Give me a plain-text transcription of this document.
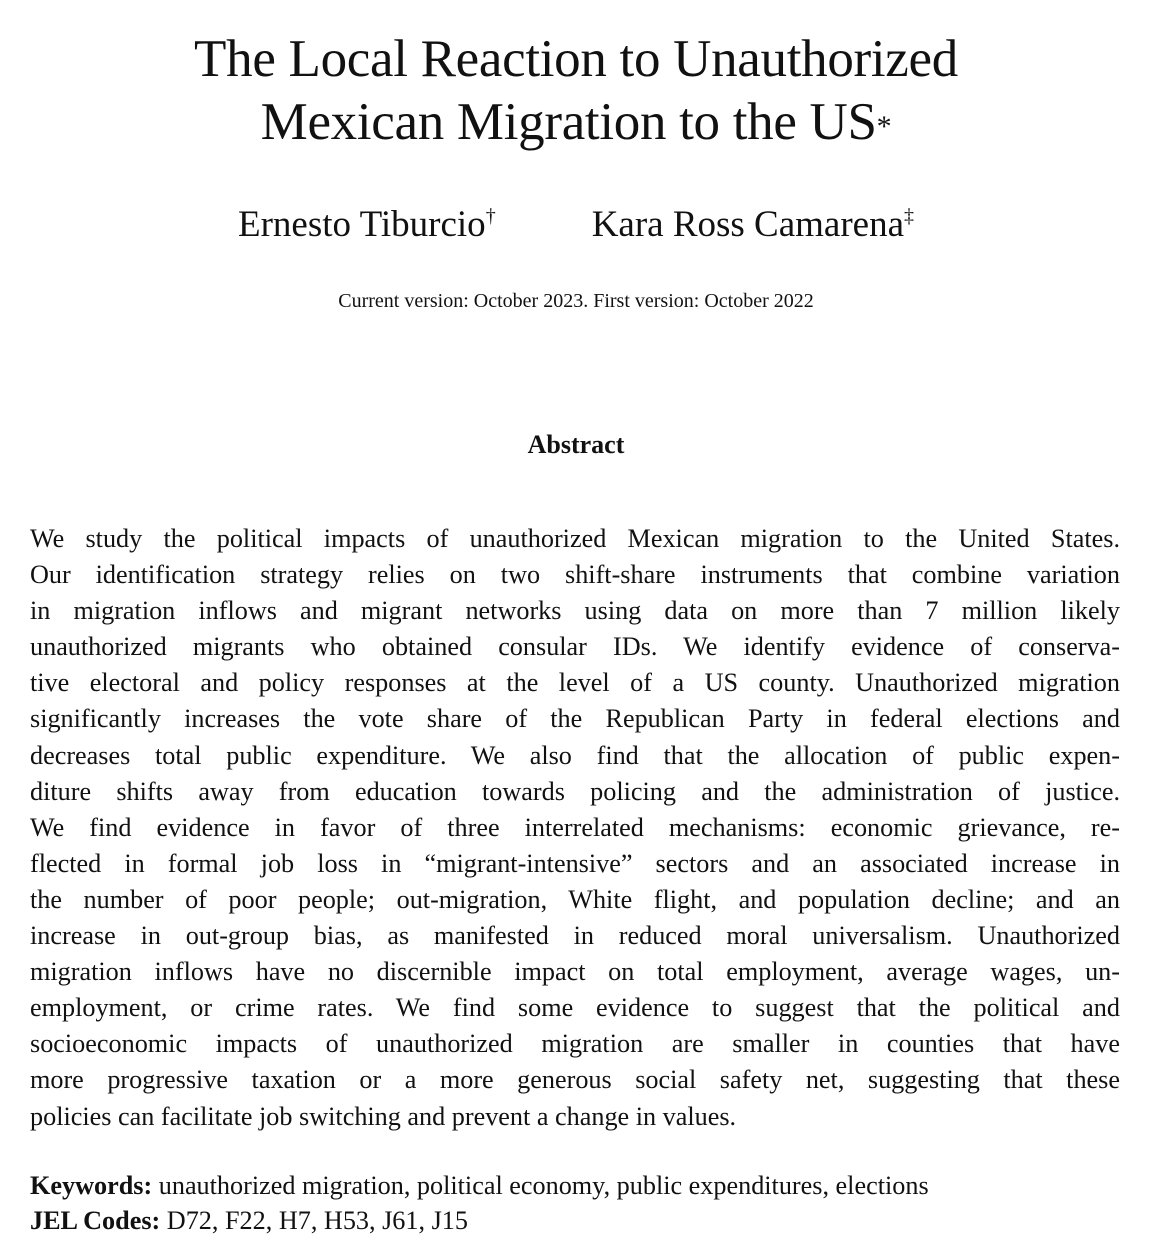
The Local Reaction to Unauthorized
Mexican Migration to the US*
Ernesto Tiburcio†	Kara Ross Camarena‡
Current version: October 2023. First version: October 2022
Abstract
We study the political impacts of unauthorized Mexican migration to the United States.
Our identification strategy relies on two shift-share instruments that combine variation
in migration inflows and migrant networks using data on more than 7 million likely
unauthorized migrants who obtained consular IDs. We identify evidence of conserva-
tive electoral and policy responses at the level of a US county. Unauthorized migration
significantly increases the vote share of the Republican Party in federal elections and
decreases total public expenditure. We also find that the allocation of public expen-
diture shifts away from education towards policing and the administration of justice.
We find evidence in favor of three interrelated mechanisms: economic grievance, re-
flected in formal job loss in “migrant-intensive” sectors and an associated increase in
the number of poor people; out-migration, White flight, and population decline; and an
increase in out-group bias, as manifested in reduced moral universalism. Unauthorized
migration inflows have no discernible impact on total employment, average wages, un-
employment, or crime rates. We find some evidence to suggest that the political and
socioeconomic impacts of unauthorized migration are smaller in counties that have
more progressive taxation or a more generous social safety net, suggesting that these
policies can facilitate job switching and prevent a change in values.
Keywords: unauthorized migration, political economy, public expenditures, elections
JEL Codes: D72, F22, H7, H53, J61, J15
